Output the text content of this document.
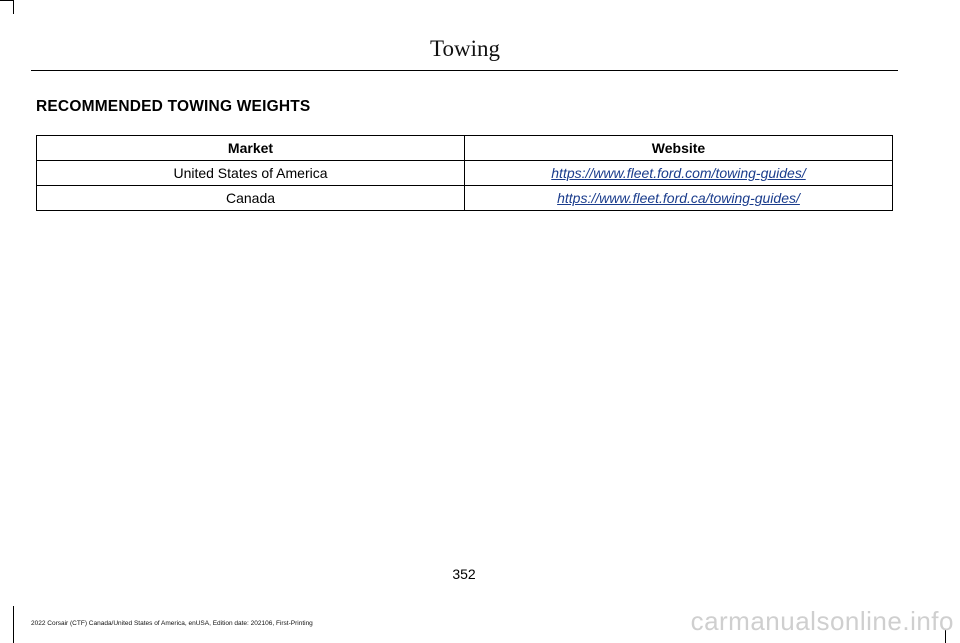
Towing
RECOMMENDED TOWING WEIGHTS
Market	Website
United States of America	https://www.fleet.ford.com/towing-guides/
Canada	https://www.fleet.ford.ca/towing-guides/
352
2022 Corsair (CTF) Canada/United States of America, enUSA, Edition date: 202106, First-Printing	carmanualsonline.info
